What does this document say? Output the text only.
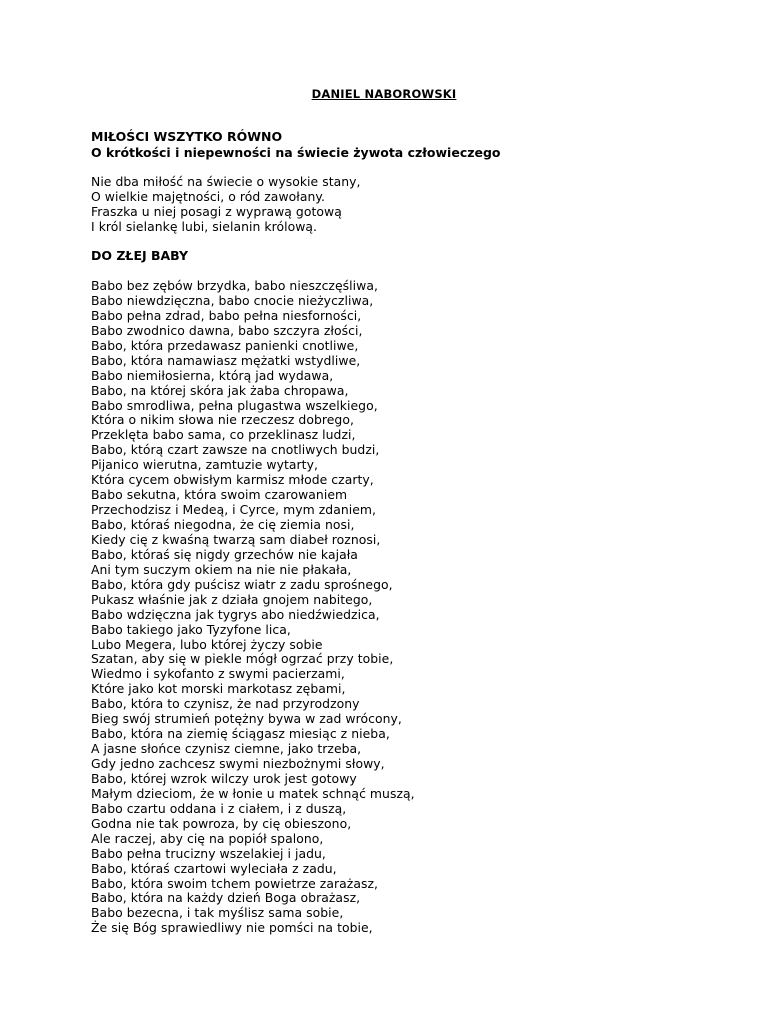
DANIEL NABOROWSKI
MIŁOŚCI WSZYTKO RÓWNO
O krótkości i niepewności na świecie żywota człowieczego
Nie dba miłość na świecie o wysokie stany,
O wielkie majętności, o ród zawołany.
Fraszka u niej posagi z wyprawą gotową
I król sielankę lubi, sielanin królową.
DO ZŁEJ BABY
Babo bez zębów brzydka, babo nieszczęśliwa,
Babo niewdzięczna, babo cnocie nieżyczliwa,
Babo pełna zdrad, babo pełna niesforności,
Babo zwodnico dawna, babo szczyra złości,
Babo, która przedawasz panienki cnotliwe,
Babo, która namawiasz mężatki wstydliwe,
Babo niemiłosierna, którą jad wydawa,
Babo, na której skóra jak żaba chropawa,
Babo smrodliwa, pełna plugastwa wszelkiego,
Która o nikim słowa nie rzeczesz dobrego,
Przeklęta babo sama, co przeklinasz ludzi,
Babo, którą czart zawsze na cnotliwych budzi,
Pijanico wierutna, zamtuzie wytarty,
Która cycem obwisłym karmisz młode czarty,
Babo sekutna, która swoim czarowaniem
Przechodzisz i Medeą, i Cyrce, mym zdaniem,
Babo, któraś niegodna, że cię ziemia nosi,
Kiedy cię z kwaśną twarzą sam diabeł roznosi,
Babo, któraś się nigdy grzechów nie kajała
Ani tym suczym okiem na nie nie płakała,
Babo, która gdy puścisz wiatr z zadu sprośnego,
Pukasz właśnie jak z działa gnojem nabitego,
Babo wdzięczna jak tygrys abo niedźwiedzica,
Babo takiego jako Tyzyfone lica,
Lubo Megera, lubo której życzy sobie
Szatan, aby się w piekle mógł ogrzać przy tobie,
Wiedmo i sykofanto z swymi pacierzami,
Które jako kot morski markotasz zębami,
Babo, która to czynisz, że nad przyrodzony
Bieg swój strumień potężny bywa w zad wrócony,
Babo, która na ziemię ściągasz miesiąc z nieba,
A jasne słońce czynisz ciemne, jako trzeba,
Gdy jedno zachcesz swymi niezbożnymi słowy,
Babo, której wzrok wilczy urok jest gotowy
Małym dzieciom, że w łonie u matek schnąć muszą,
Babo czartu oddana i z ciałem, i z duszą,
Godna nie tak powroza, by cię obieszono,
Ale raczej, aby cię na popiół spalono,
Babo pełna trucizny wszelakiej i jadu,
Babo, któraś czartowi wyleciała z zadu,
Babo, która swoim tchem powietrze zarażasz,
Babo, która na każdy dzień Boga obrażasz,
Babo bezecna, i tak myślisz sama sobie,
Że się Bóg sprawiedliwy nie pomści na tobie,
